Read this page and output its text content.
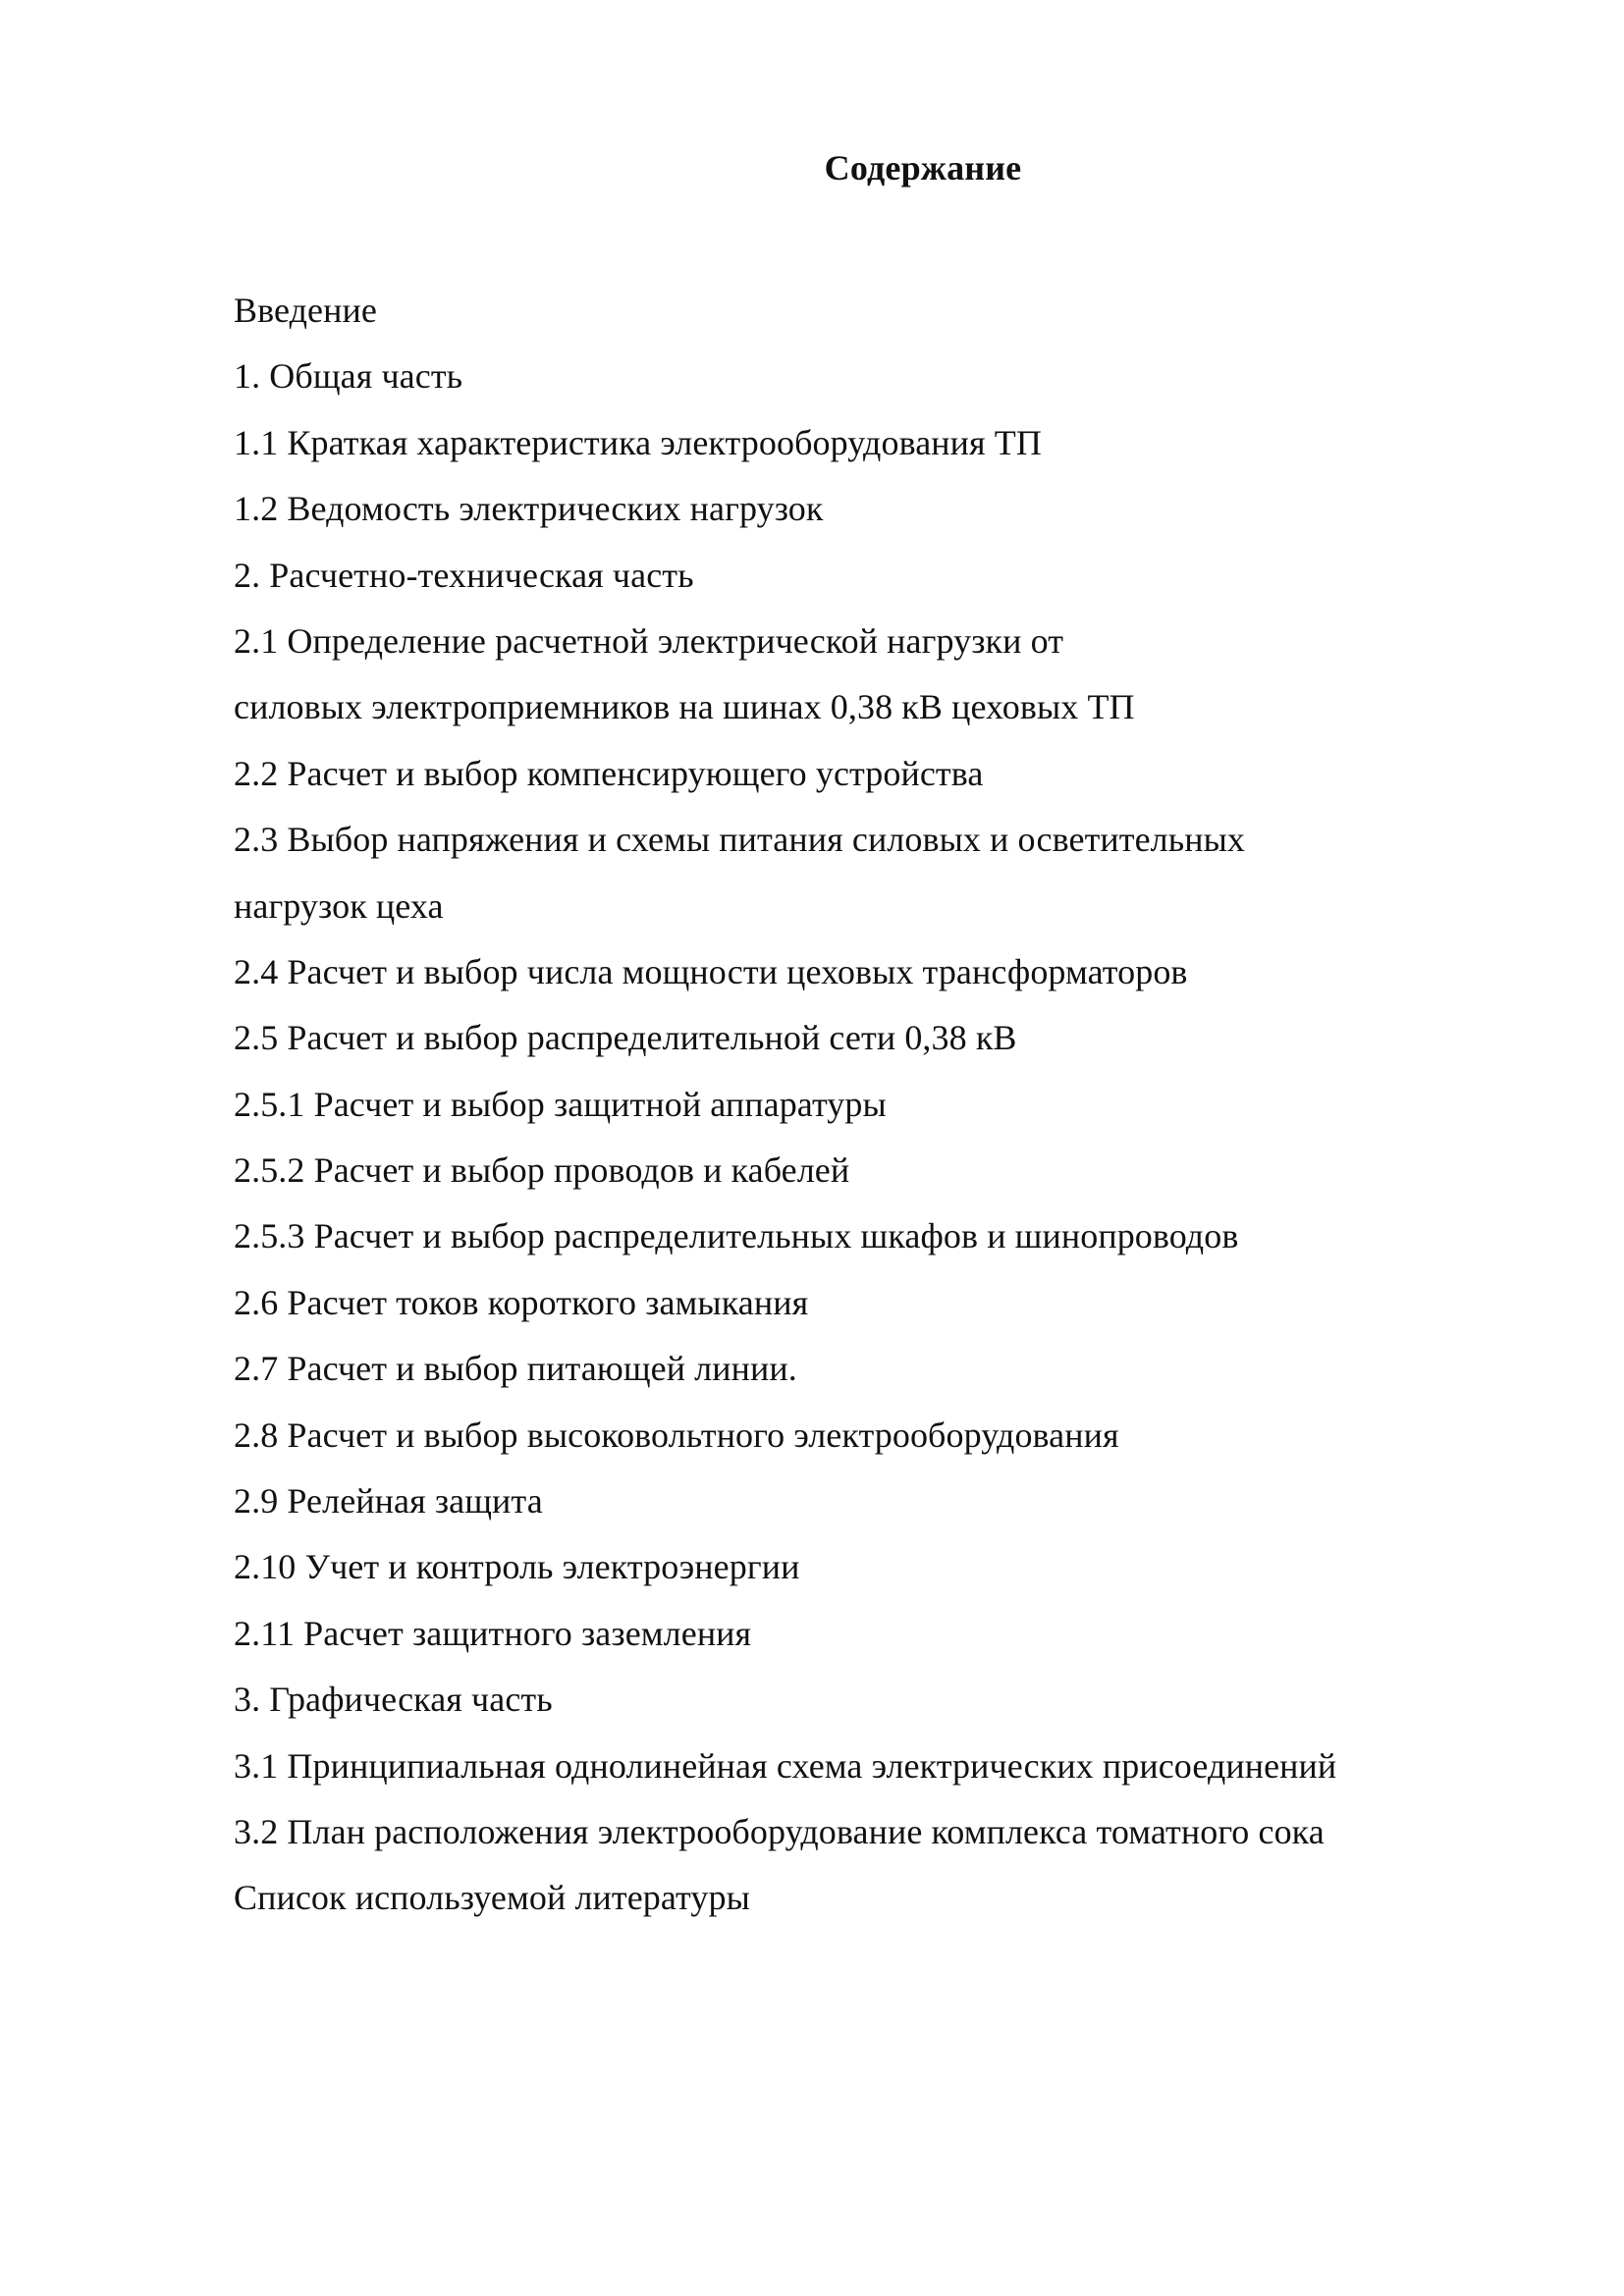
Содержание
Введение
1. Общая часть
1.1 Краткая характеристика электрооборудования ТП
1.2 Ведомость электрических нагрузок
2. Расчетно-техническая часть
2.1 Определение расчетной электрической нагрузки от
силовых электроприемников на шинах 0,38 кВ цеховых ТП
2.2 Расчет и выбор компенсирующего устройства
2.3 Выбор напряжения и схемы питания силовых и осветительных
нагрузок цеха
2.4 Расчет и выбор числа мощности цеховых трансформаторов
2.5 Расчет и выбор распределительной сети 0,38 кВ
2.5.1 Расчет и выбор защитной аппаратуры
2.5.2 Расчет и выбор проводов и кабелей
2.5.3 Расчет и выбор распределительных шкафов и шинопроводов
2.6 Расчет токов короткого замыкания
2.7 Расчет и выбор питающей линии.
2.8 Расчет и выбор высоковольтного электрооборудования
2.9 Релейная защита
2.10 Учет и контроль электроэнергии
2.11 Расчет защитного заземления
3. Графическая часть
3.1 Принципиальная однолинейная схема электрических присоединений
3.2 План расположения электрооборудование комплекса томатного сока
Список используемой литературы
